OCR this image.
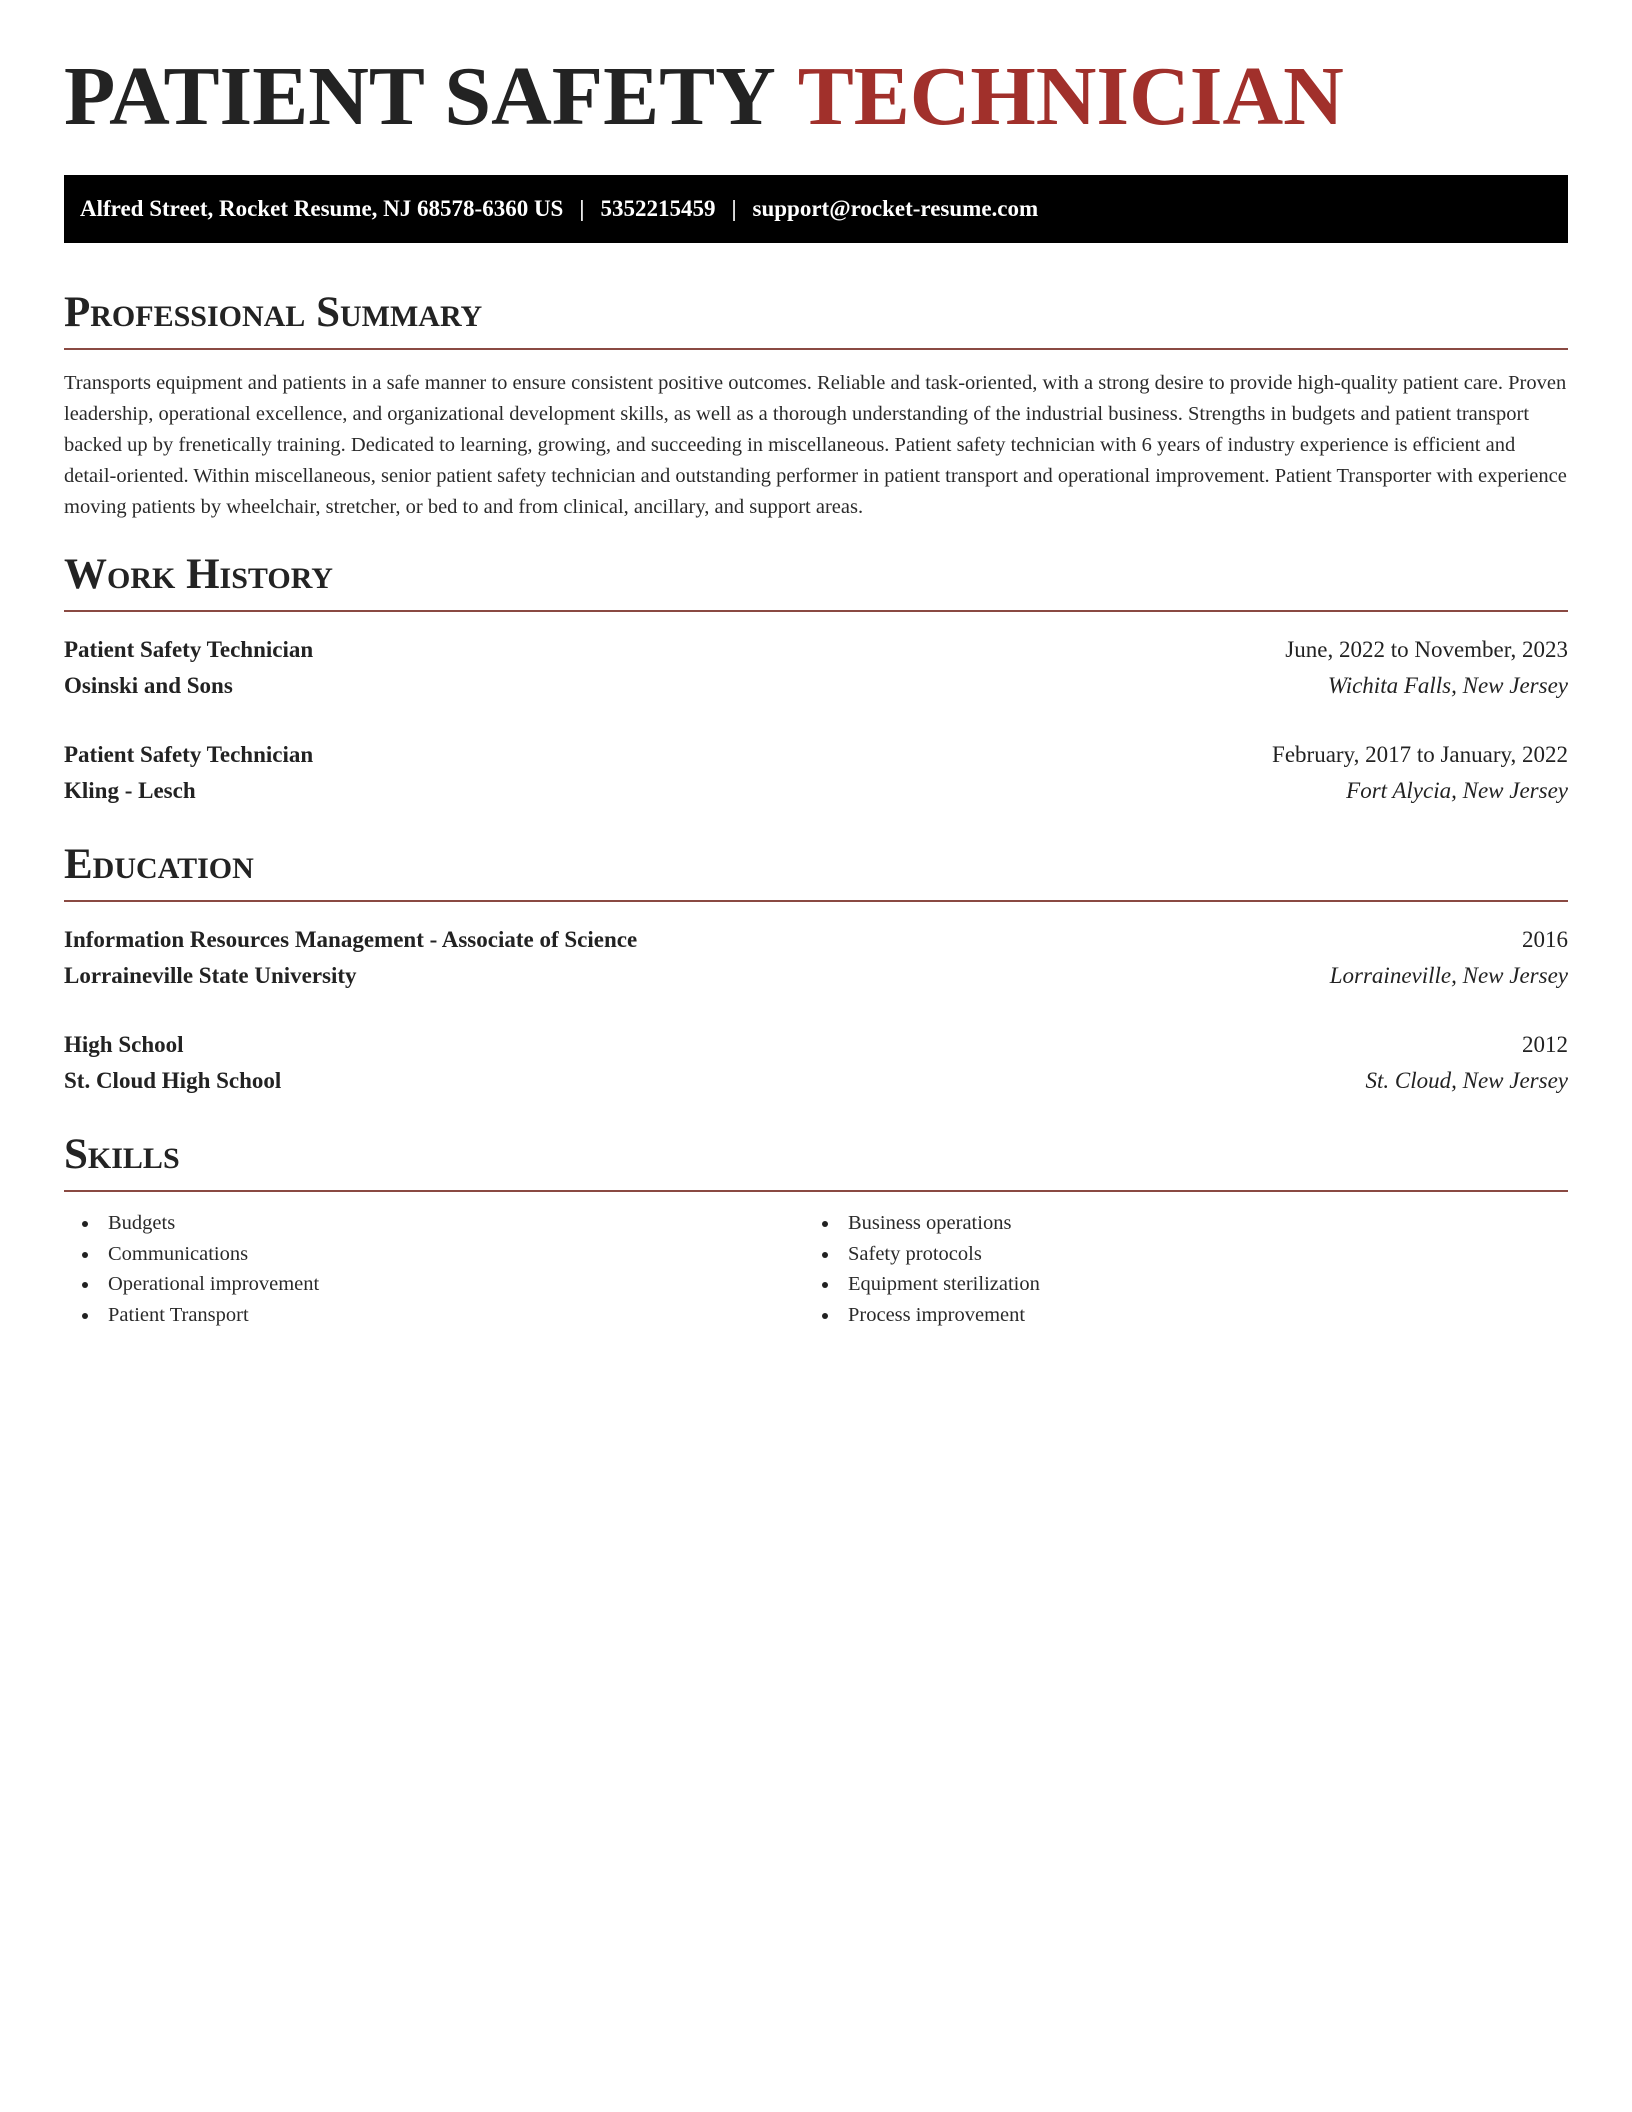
PATIENT SAFETY TECHNICIAN
Alfred Street, Rocket Resume, NJ 68578-6360 US | 5352215459 | support@rocket-resume.com
Professional Summary

Transports equipment and patients in a safe manner to ensure consistent positive outcomes. Reliable and task-oriented, with a strong desire to provide high-quality patient care. Proven leadership, operational excellence, and organizational development skills, as well as a thorough understanding of the industrial business. Strengths in budgets and patient transport backed up by frenetically training. Dedicated to learning, growing, and succeeding in miscellaneous. Patient safety technician with 6 years of industry experience is efficient and detail-oriented. Within miscellaneous, senior patient safety technician and outstanding performer in patient transport and operational improvement. Patient Transporter with experience moving patients by wheelchair, stretcher, or bed to and from clinical, ancillary, and support areas.

Work History
Patient Safety Technician	June, 2022 to November, 2023
Osinski and Sons	Wichita Falls, New Jersey
Patient Safety Technician	February, 2017 to January, 2022
Kling - Lesch	Fort Alycia, New Jersey
Education
Information Resources Management - Associate of Science	2016
Lorraineville State University	Lorraineville, New Jersey
High School	2012
St. Cloud High School	St. Cloud, New Jersey
Skills
Budgets
Communications
Operational improvement
Patient Transport
Business operations
Safety protocols
Equipment sterilization
Process improvement
